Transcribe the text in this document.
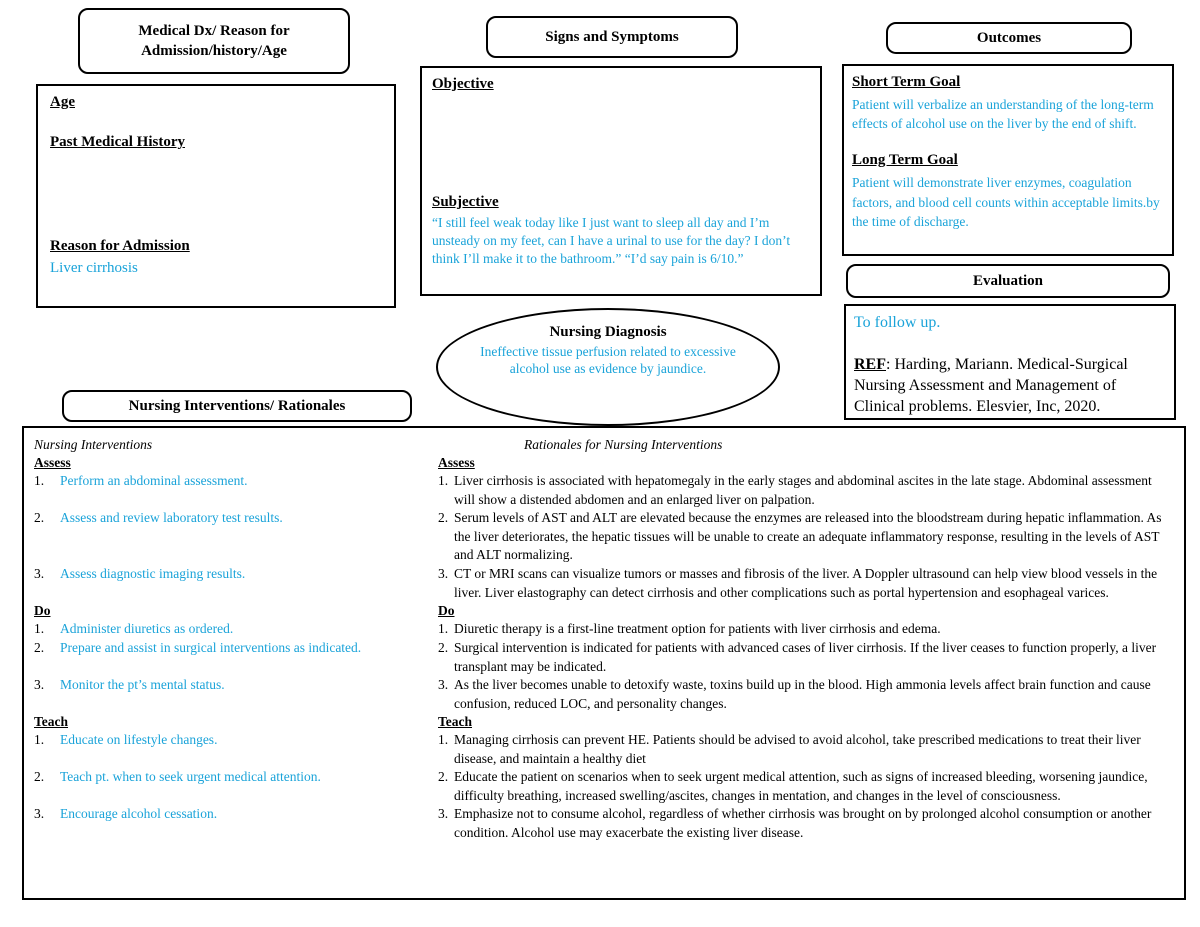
Medical Dx/ Reason for Admission/history/Age
Age
Past Medical History
Reason for Admission
Liver cirrhosis
Signs and Symptoms
Objective
Subjective
“I still feel weak today like I just want to sleep all day and I’m unsteady on my feet, can I have a urinal to use for the day? I don’t think I’ll make it to the bathroom.” “I’d say pain is 6/10.”
Outcomes
Short Term Goal
Patient will verbalize an understanding of the long-term effects of alcohol use on the liver by the end of shift.
Long Term Goal
Patient will demonstrate liver enzymes, coagulation factors, and blood cell counts within acceptable limits.by the time of discharge.
Evaluation
To follow up.
REF: Harding, Mariann. Medical-Surgical Nursing Assessment and Management of Clinical problems. Elesvier, Inc, 2020.
Nursing Diagnosis
Ineffective tissue perfusion related to excessive alcohol use as evidence by jaundice.
Nursing Interventions/ Rationales
Nursing Interventions
Assess
1.	Perform an abdominal assessment.
2.	Assess and review laboratory test results.
3.	Assess diagnostic imaging results.
Do
1.	Administer diuretics as ordered.
2.	Prepare and assist in surgical interventions as indicated.
3.	Monitor the pt’s mental status.
Teach
1.	Educate on lifestyle changes.
2.	Teach pt. when to seek urgent medical attention.
3.	Encourage alcohol cessation.
Rationales for Nursing Interventions
Assess
1. Liver cirrhosis is associated with hepatomegaly in the early stages and abdominal ascites in the late stage. Abdominal assessment will show a distended abdomen and an enlarged liver on palpation.
2. Serum levels of AST and ALT are elevated because the enzymes are released into the bloodstream during hepatic inflammation. As the liver deteriorates, the hepatic tissues will be unable to create an adequate inflammatory response, resulting in the levels of AST and ALT normalizing.
3. CT or MRI scans can visualize tumors or masses and fibrosis of the liver. A Doppler ultrasound can help view blood vessels in the liver. Liver elastography can detect cirrhosis and other complications such as portal hypertension and esophageal varices.
Do
1. Diuretic therapy is a first-line treatment option for patients with liver cirrhosis and edema.
2. Surgical intervention is indicated for patients with advanced cases of liver cirrhosis. If the liver ceases to function properly, a liver transplant may be indicated.
3. As the liver becomes unable to detoxify waste, toxins build up in the blood. High ammonia levels affect brain function and cause confusion, reduced LOC, and personality changes.
Teach
1. Managing cirrhosis can prevent HE. Patients should be advised to avoid alcohol, take prescribed medications to treat their liver disease, and maintain a healthy diet
2. Educate the patient on scenarios when to seek urgent medical attention, such as signs of increased bleeding, worsening jaundice, difficulty breathing, increased swelling/ascites, changes in mentation, and changes in the level of consciousness.
3. Emphasize not to consume alcohol, regardless of whether cirrhosis was brought on by prolonged alcohol consumption or another condition. Alcohol use may exacerbate the existing liver disease.
